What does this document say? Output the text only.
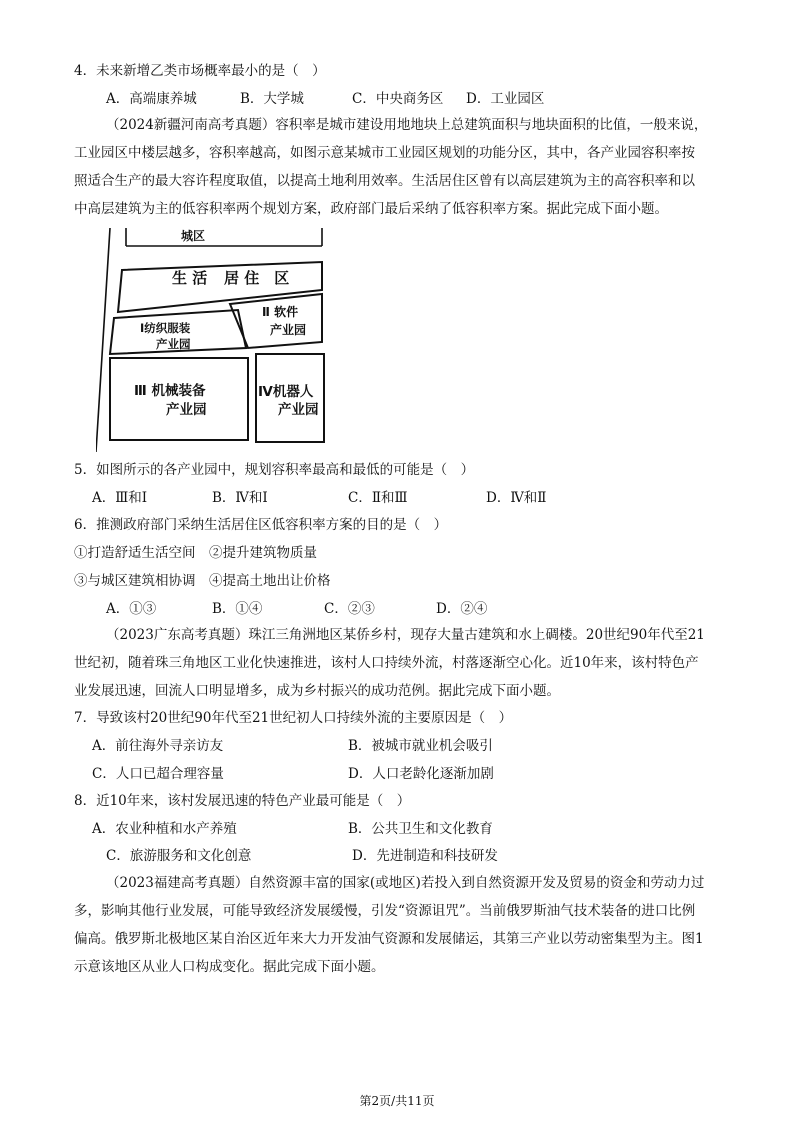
4．未来新增乙类市场概率最小的是（　）
A．高端康养城	B．大学城	C．中央商务区 D．工业园区
（2024新疆河南高考真题）容积率是城市建设用地地块上总建筑面积与地块面积的比值，一般来说，
工业园区中楼层越多，容积率越高，如图示意某城市工业园区规划的功能分区，其中，各产业园容积率按
照适合生产的最大容许程度取值，以提高土地利用效率。生活居住区曾有以高层建筑为主的高容积率和以
中高层建筑为主的低容积率两个规划方案，政府部门最后采纳了低容积率方案。据此完成下面小题。
城区
生 活 居 住　区
Ⅰ纺织服装
产业园
Ⅱ 软件
产业园
Ⅲ 机械装备
产业园
Ⅳ机器人
产业园
5．如图所示的各产业园中，规划容积率最高和最低的可能是（　）
A．Ⅲ和Ⅰ	B．Ⅳ和Ⅰ	C．Ⅱ和Ⅲ	D．Ⅳ和Ⅱ
6．推测政府部门采纳生活居住区低容积率方案的目的是（　）
①打造舒适生活空间　②提升建筑物质量
③与城区建筑相协调　④提高土地出让价格
A．①③	B．①④	C．②③	D．②④
（2023广东高考真题）珠江三角洲地区某侨乡村，现存大量古建筑和水上碉楼。20世纪90年代至21
世纪初，随着珠三角地区工业化快速推进，该村人口持续外流，村落逐渐空心化。近10年来，该村特色产
业发展迅速，回流人口明显增多，成为乡村振兴的成功范例。据此完成下面小题。
7．导致该村20世纪90年代至21世纪初人口持续外流的主要原因是（　）
A．前往海外寻亲访友	B．被城市就业机会吸引
C．人口已超合理容量	D．人口老龄化逐渐加剧
8．近10年来，该村发展迅速的特色产业最可能是（　）
A．农业种植和水产养殖	B．公共卫生和文化教育
C．旅游服务和文化创意	D．先进制造和科技研发
（2023福建高考真题）自然资源丰富的国家(或地区)若投入到自然资源开发及贸易的资金和劳动力过
多，影响其他行业发展，可能导致经济发展缓慢，引发“资源诅咒”。当前俄罗斯油气技术装备的进口比例
偏高。俄罗斯北极地区某自治区近年来大力开发油气资源和发展储运，其第三产业以劳动密集型为主。图1
示意该地区从业人口构成变化。据此完成下面小题。
第2页/共11页
